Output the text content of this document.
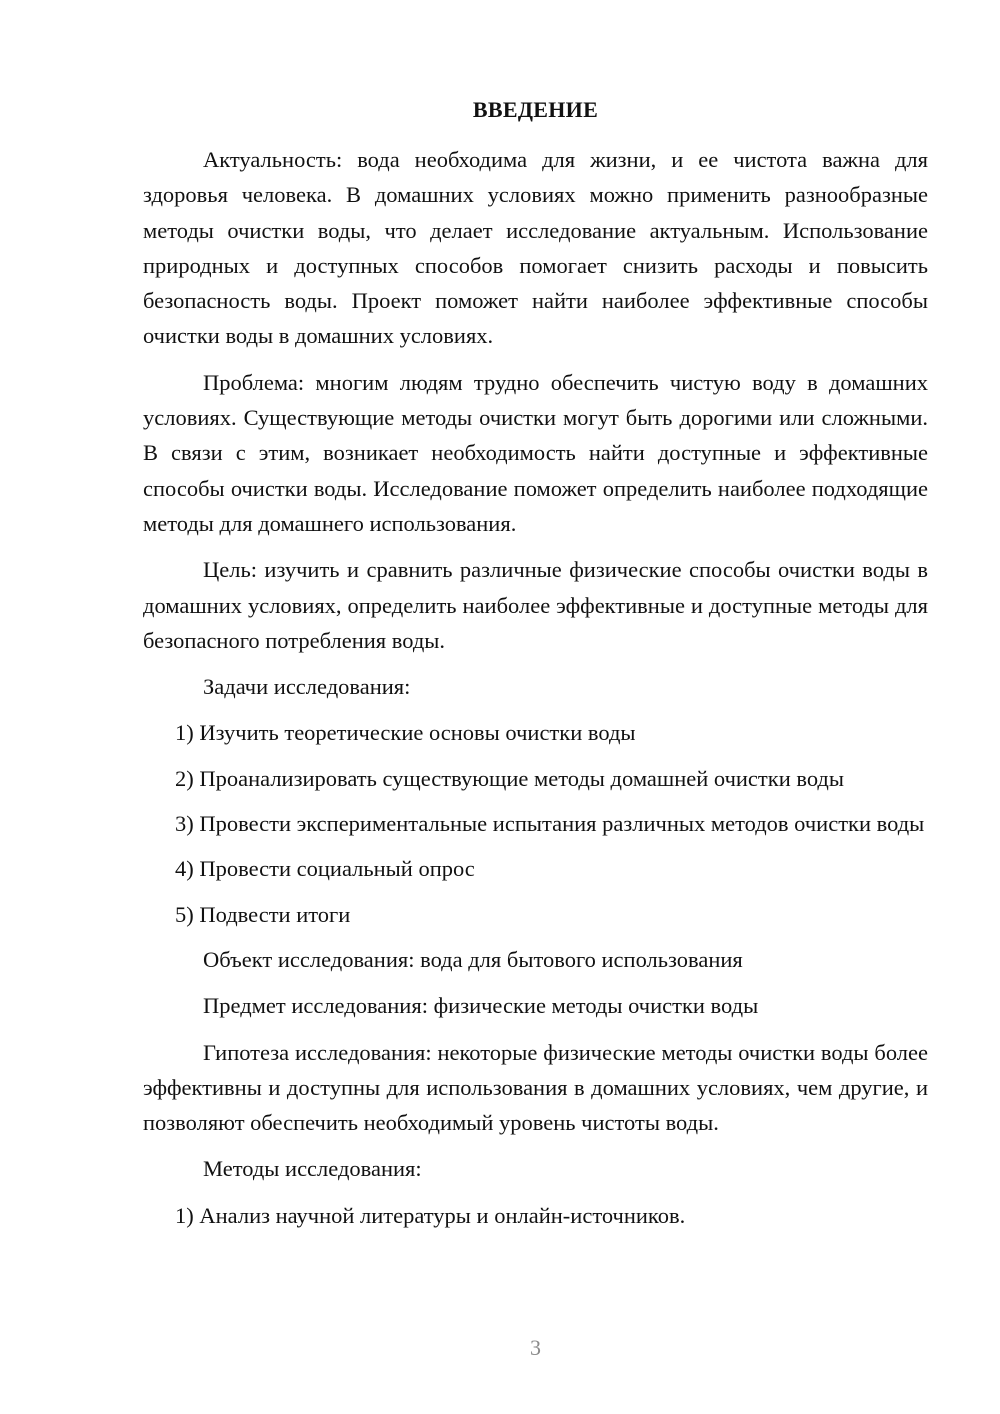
ВВЕДЕНИЕ

Актуальность: вода необходима для жизни, и ее чистота важна для здоровья человека. В домашних условиях можно применить разнообразные методы очистки воды, что делает исследование актуальным. Использование природных и доступных способов помогает снизить расходы и повысить безопасность воды. Проект поможет найти наиболее эффективные способы очистки воды в домашних условиях.

Проблема: многим людям трудно обеспечить чистую воду в домашних условиях. Существующие методы очистки могут быть дорогими или сложными. В связи с этим, возникает необходимость найти доступные и эффективные способы очистки воды. Исследование поможет определить наиболее подходящие методы для домашнего использования.

Цель: изучить и сравнить различные физические способы очистки воды в домашних условиях, определить наиболее эффективные и доступные методы для безопасного потребления воды.

Задачи исследования:

1) Изучить теоретические основы очистки воды

2) Проанализировать существующие методы домашней очистки воды

3) Провести экспериментальные испытания различных методов очистки воды

4) Провести социальный опрос

5) Подвести итоги

Объект исследования: вода для бытового использования

Предмет исследования: физические методы очистки воды

Гипотеза исследования: некоторые физические методы очистки воды более эффективны и доступны для использования в домашних условиях, чем другие, и позволяют обеспечить необходимый уровень чистоты воды.

Методы исследования:

1) Анализ научной литературы и онлайн-источников.

3
